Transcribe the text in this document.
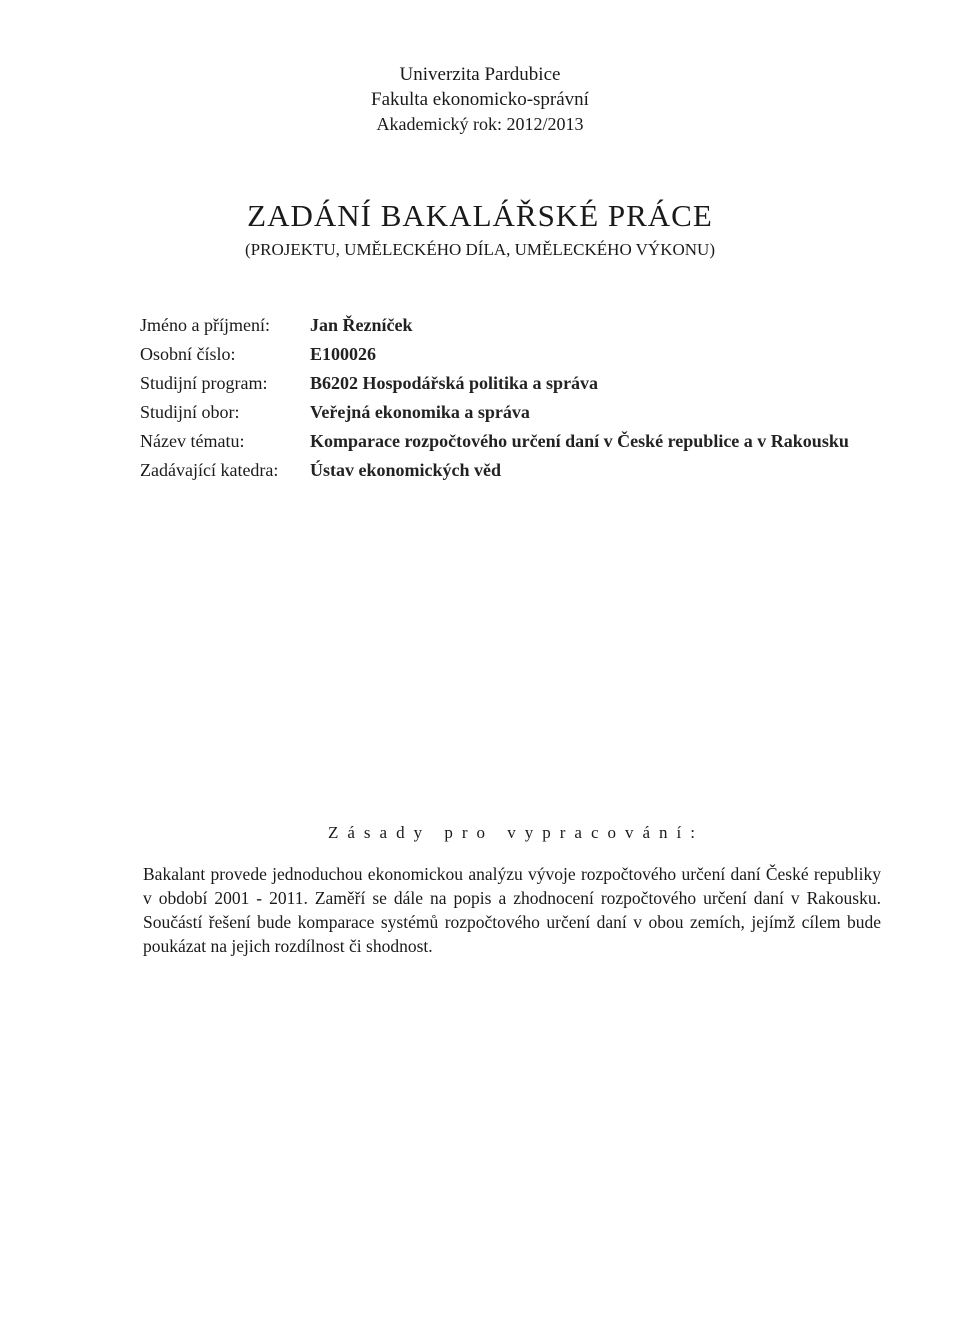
Univerzita Pardubice
Fakulta ekonomicko-správní
Akademický rok: 2012/2013
ZADÁNÍ BAKALÁŘSKÉ PRÁCE
(PROJEKTU, UMĚLECKÉHO DÍLA, UMĚLECKÉHO VÝKONU)
Jméno a příjmení:	Jan Řezníček
Osobní číslo:	E100026
Studijní program:	B6202 Hospodářská politika a správa
Studijní obor:	Veřejná ekonomika a správa
Název tématu:	Komparace rozpočtového určení daní v České republice a v Rakousku
Zadávající katedra:	Ústav ekonomických věd
Zásady pro vypracování:
Bakalant provede jednoduchou ekonomickou analýzu vývoje rozpočtového určení daní České republiky v období 2001 - 2011. Zaměří se dále na popis a zhodnocení rozpočtového určení daní v Rakousku. Součástí řešení bude komparace systémů rozpočtového určení daní v obou zemích, jejímž cílem bude poukázat na jejich rozdílnost či shodnost.
